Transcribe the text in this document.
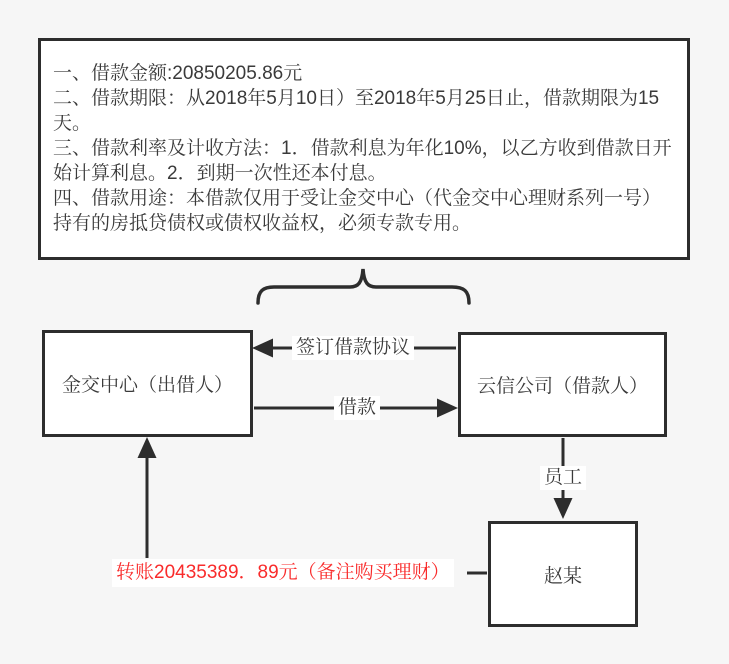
一、借款金额:20850205.86元

二、借款期限：从2018年5月10日）至2018年5月25日止，借款期限为15天。

三、借款利率及计收方法：1．借款利息为年化10%，以乙方收到借款日开始计算利息。2．到期一次性还本付息。

四、借款用途：本借款仅用于受让金交中心（代金交中心理财系列一号）持有的房抵贷债权或债权收益权，必须专款专用。

金交中心（出借人）	云信公司（借款人）
赵某
签订借款协议
借款
员工
转账20435389．89元（备注购买理财）
